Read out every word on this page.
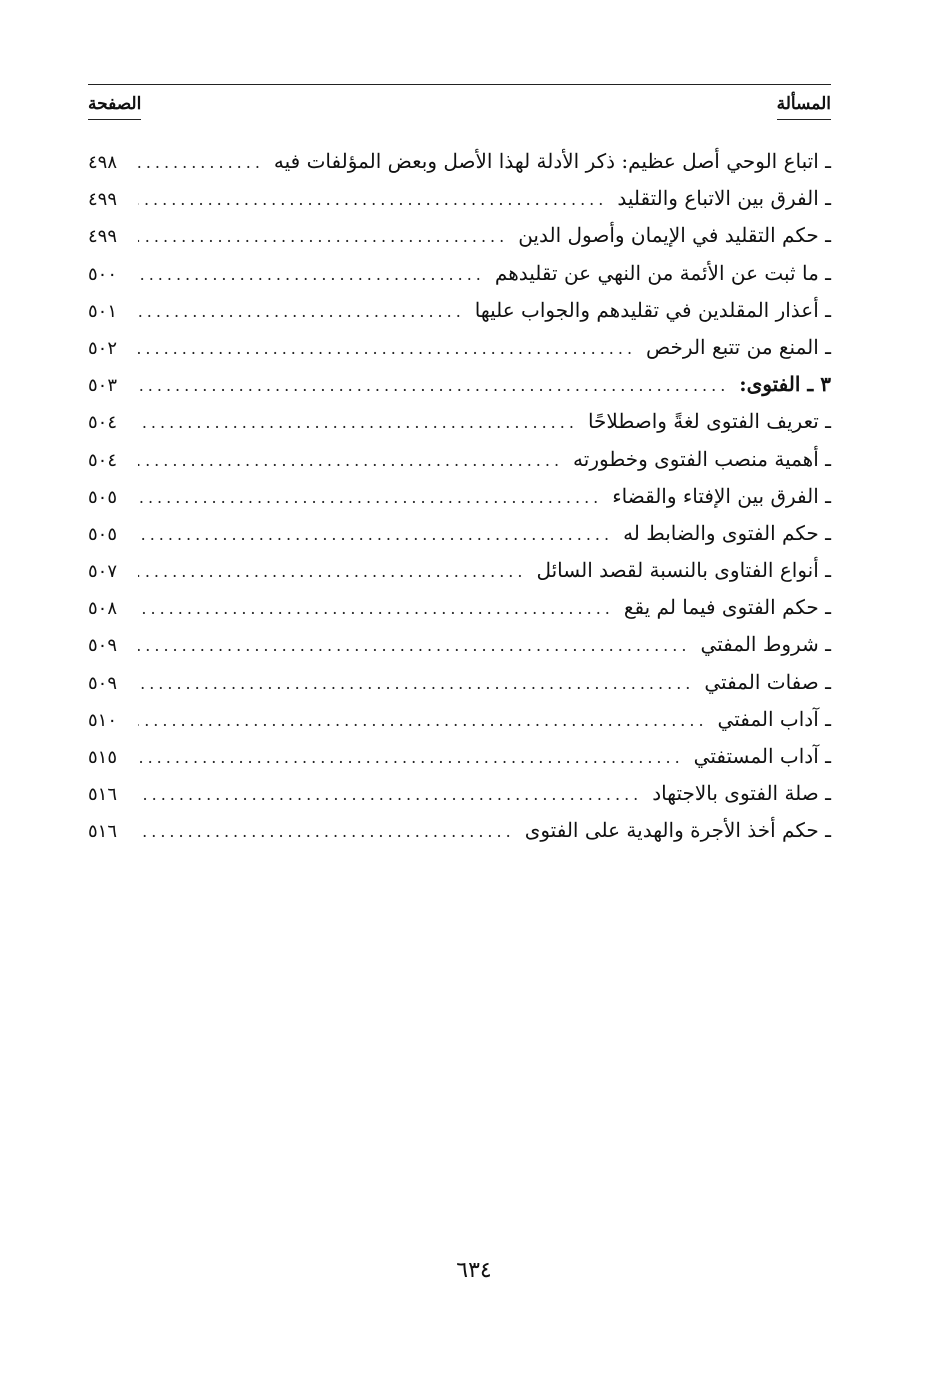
المسألة
الصفحة
ـ اتباع الوحي أصل عظيم: ذكر الأدلة لهذا الأصل وبعض المؤلفات فيه
.....
٤٩٨
ـ الفرق بين الاتباع والتقليد
.....
٤٩٩
ـ حكم التقليد في الإيمان وأصول الدين
.....
٤٩٩
ـ ما ثبت عن الأئمة من النهي عن تقليدهم
.....
٥٠٠
ـ أعذار المقلدين في تقليدهم والجواب عليها
.....
٥٠١
ـ المنع من تتبع الرخص
.....
٥٠٢
٣ ـ الفتوى:
.....
٥٠٣
ـ تعريف الفتوى لغةً واصطلاحًا
.....
٥٠٤
ـ أهمية منصب الفتوى وخطورته
.....
٥٠٤
ـ الفرق بين الإفتاء والقضاء
.....
٥٠٥
ـ حكم الفتوى والضابط له
.....
٥٠٥
ـ أنواع الفتاوى بالنسبة لقصد السائل
.....
٥٠٧
ـ حكم الفتوى فيما لم يقع
.....
٥٠٨
ـ شروط المفتي
.....
٥٠٩
ـ صفات المفتي
.....
٥٠٩
ـ آداب المفتي
.....
٥١٠
ـ آداب المستفتي
.....
٥١٥
ـ صلة الفتوى بالاجتهاد
.....
٥١٦
ـ حكم أخذ الأجرة والهدية على الفتوى
.....
٥١٦
٦٣٤
